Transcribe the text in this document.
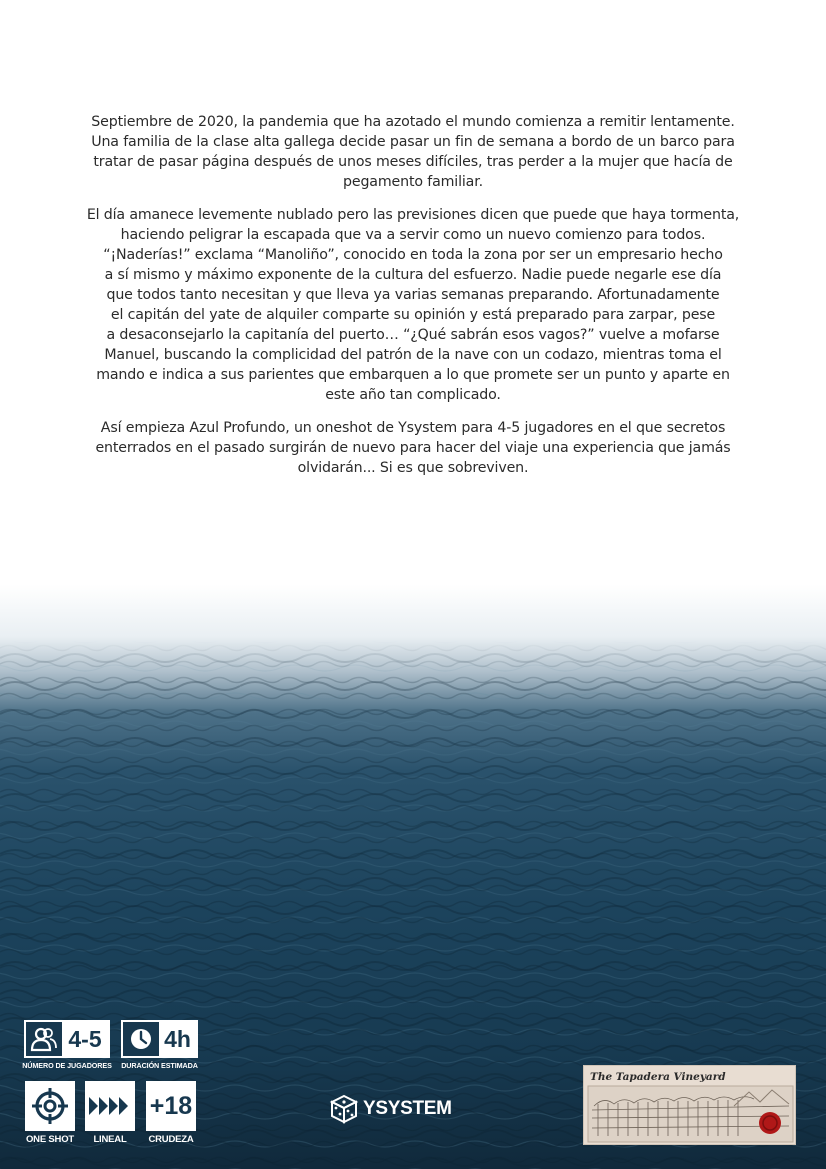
Septiembre de 2020, la pandemia que ha azotado el mundo comienza a remitir lentamente.
Una familia de la clase alta gallega decide pasar un fin de semana a bordo de un barco para
tratar de pasar página después de unos meses difíciles, tras perder a la mujer que hacía de
pegamento familiar.

El día amanece levemente nublado pero las previsiones dicen que puede que haya tormenta,
haciendo peligrar la escapada que va a servir como un nuevo comienzo para todos.
“¡Naderías!” exclama “Manoliño”, conocido en toda la zona por ser un empresario hecho
a sí mismo y máximo exponente de la cultura del esfuerzo. Nadie puede negarle ese día
que todos tanto necesitan y que lleva ya varias semanas preparando. Afortunadamente
el capitán del yate de alquiler comparte su opinión y está preparado para zarpar, pese
a desaconsejarlo la capitanía del puerto… “¿Qué sabrán esos vagos?” vuelve a mofarse
Manuel, buscando la complicidad del patrón de la nave con un codazo, mientras toma el
mando e indica a sus parientes que embarquen a lo que promete ser un punto y aparte en
este año tan complicado.

Así empieza Azul Profundo, un oneshot de Ysystem para 4-5 jugadores en el que secretos
enterrados en el pasado surgirán de nuevo para hacer del viaje una experiencia que jamás
olvidarán... Si es que sobreviven.

4-5
NÚMERO DE JUGADORES
4h
DURACIÓN ESTIMADA
ONE SHOT LINEAL
+18
CRUDEZA
YSYSTEM
The Tapadera Vineyard
